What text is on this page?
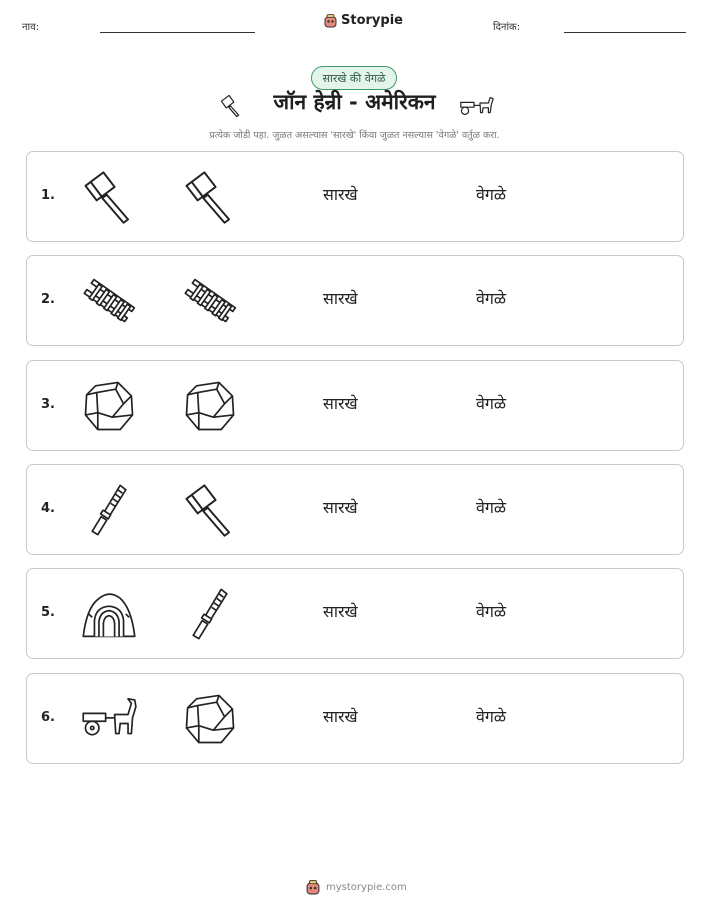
नाव:	Storypie	दिनांक:
सारखे की वेगळे
जॉन हेन्री - अमेरिकन
प्रत्येक जोडी पहा. जुळत असल्यास 'सारखे' किंवा जुळत नसल्यास 'वेगळे' वर्तुळ करा.
1.	सारखे	वेगळे
2.	सारखे	वेगळे
3.	सारखे	वेगळे
4.	सारखे	वेगळे
5.	सारखे	वेगळे
6.	सारखे	वेगळे
mystorypie.com
